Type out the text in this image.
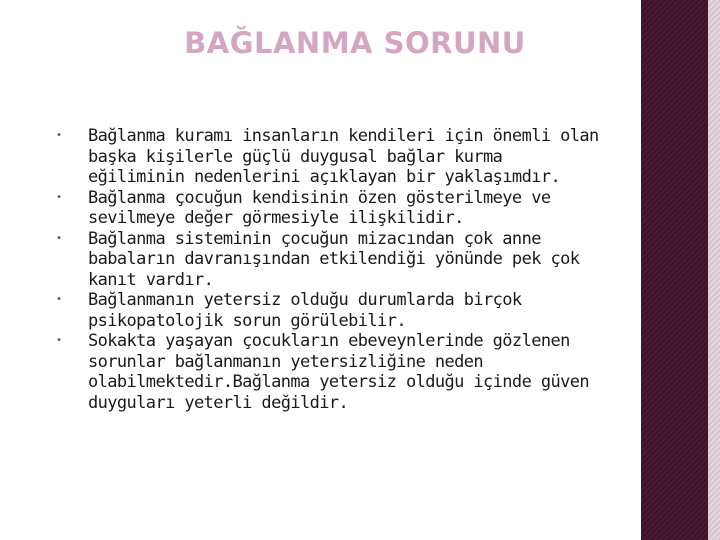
BAĞLANMA SORUNU
• Bağlanma kuramı insanların kendileri için önemli olan başka kişilerle güçlü duygusal bağlar kurma eğiliminin nedenlerini açıklayan bir yaklaşımdır.
• Bağlanma çocuğun kendisinin özen gösterilmeye ve sevilmeye değer görmesiyle ilişkilidir.
• Bağlanma sisteminin çocuğun mizacından çok anne babaların davranışından etkilendiği yönünde pek çok kanıt vardır.
• Bağlanmanın yetersiz olduğu durumlarda birçok psikopatolojik sorun görülebilir.
• Sokakta yaşayan çocukların ebeveynlerinde gözlenen sorunlar bağlanmanın yetersizliğine neden olabilmektedir.Bağlanma yetersiz olduğu içinde güven duyguları yeterli değildir.
